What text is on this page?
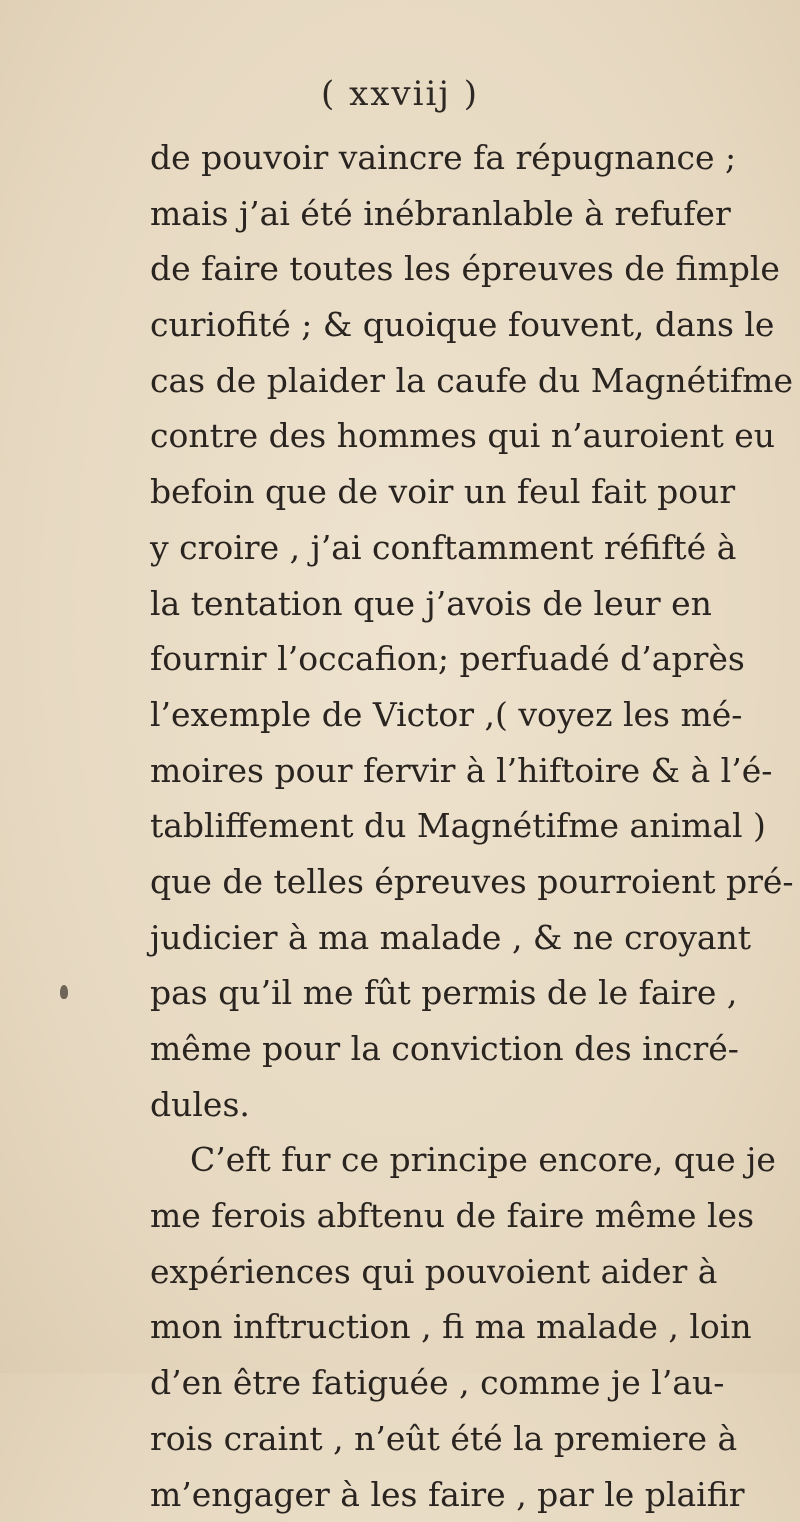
( xxviij )
de pouvoir vaincre fa répugnance ;
mais j’ai été inébranlable à refufer
de faire toutes les épreuves de fimple
curiofité ; & quoique fouvent, dans le
cas de plaider la caufe du Magnétifme
contre des hommes qui n’auroient eu
befoin que de voir un feul fait pour
y croire , j’ai conftamment réfifté à
la tentation que j’avois de leur en
fournir l’occafion; perfuadé d’après
l’exemple de Victor ,( voyez les mé-
moires pour fervir à l’hiftoire & à l’é-
tabliffement du Magnétifme animal )
que de telles épreuves pourroient pré-
judicier à ma malade , & ne croyant
pas qu’il me fût permis de le faire ,
même pour la conviction des incré-
dules.
C’eft fur ce principe encore, que je
me ferois abftenu de faire même les
expériences qui pouvoient aider à
mon inftruction , fi ma malade , loin
d’en être fatiguée , comme je l’au-
rois craint , n’eût été la premiere à
m’engager à les faire , par le plaifir
